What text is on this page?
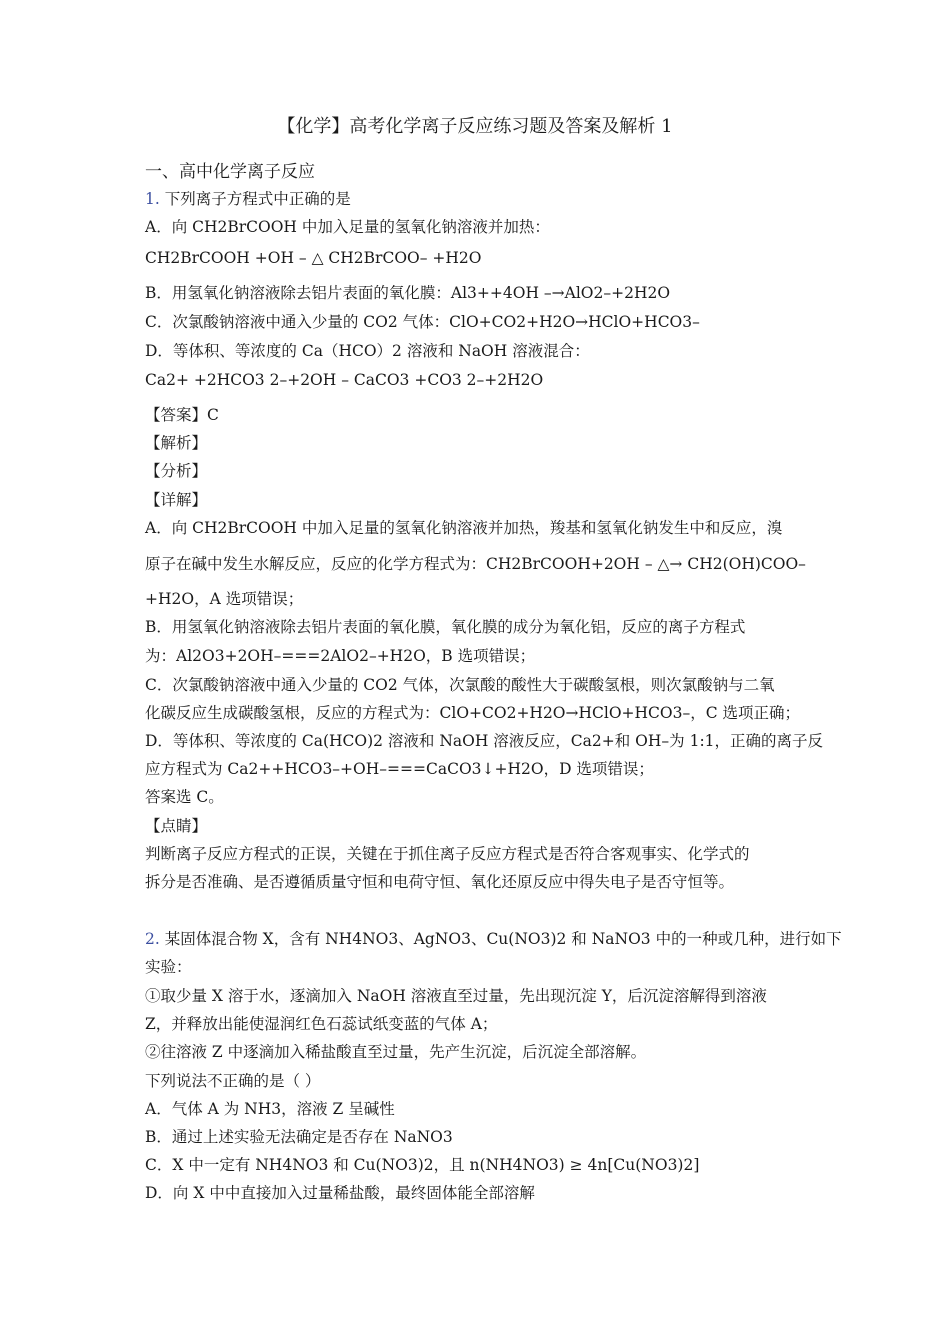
【化学】高考化学离子反应练习题及答案及解析 1
一、高中化学离子反应
1. 下列离子方程式中正确的是
A．向 CH2BrCOOH 中加入足量的氢氧化钠溶液并加热：
CH2BrCOOH +OH – △ CH2BrCOO– +H2O
B．用氢氧化钠溶液除去铝片表面的氧化膜：Al3++4OH –→AlO2–+2H2O
C．次氯酸钠溶液中通入少量的 CO2 气体：ClO+CO2+H2O→HClO+HCO3–
D．等体积、等浓度的 Ca（HCO）2 溶液和 NaOH 溶液混合：
Ca2+ +2HCO3 2–+2OH – CaCO3 +CO3 2–+2H2O
【答案】C
【解析】
【分析】
【详解】
A．向 CH2BrCOOH 中加入足量的氢氧化钠溶液并加热，羧基和氢氧化钠发生中和反应，溴
原子在碱中发生水解反应，反应的化学方程式为：CH2BrCOOH+2OH – △→ CH2(OH)COO–
+H2O，A 选项错误；
B．用氢氧化钠溶液除去铝片表面的氧化膜，氧化膜的成分为氧化铝，反应的离子方程式
为：Al2O3+2OH–===2AlO2–+H2O，B 选项错误；
C．次氯酸钠溶液中通入少量的 CO2 气体，次氯酸的酸性大于碳酸氢根，则次氯酸钠与二氧
化碳反应生成碳酸氢根，反应的方程式为：ClO+CO2+H2O→HClO+HCO3–，C 选项正确；
D．等体积、等浓度的 Ca(HCO)2 溶液和 NaOH 溶液反应，Ca2+和 OH–为 1:1，正确的离子反
应方程式为 Ca2++HCO3–+OH–===CaCO3↓+H2O，D 选项错误；
答案选 C。
【点睛】
判断离子反应方程式的正误，关键在于抓住离子反应方程式是否符合客观事实、化学式的
拆分是否准确、是否遵循质量守恒和电荷守恒、氧化还原反应中得失电子是否守恒等。
2. 某固体混合物 X，含有 NH4NO3、AgNO3、Cu(NO3)2 和 NaNO3 中的一种或几种，进行如下
实验：
①取少量 X 溶于水，逐滴加入 NaOH 溶液直至过量，先出现沉淀 Y，后沉淀溶解得到溶液
Z，并释放出能使湿润红色石蕊试纸变蓝的气体 A；
②往溶液 Z 中逐滴加入稀盐酸直至过量，先产生沉淀，后沉淀全部溶解。
下列说法不正确的是（ ）
A．气体 A 为 NH3，溶液 Z 呈碱性
B．通过上述实验无法确定是否存在 NaNO3
C．X 中一定有 NH4NO3 和 Cu(NO3)2，且 n(NH4NO3) ≥ 4n[Cu(NO3)2]
D．向 X 中中直接加入过量稀盐酸，最终固体能全部溶解
